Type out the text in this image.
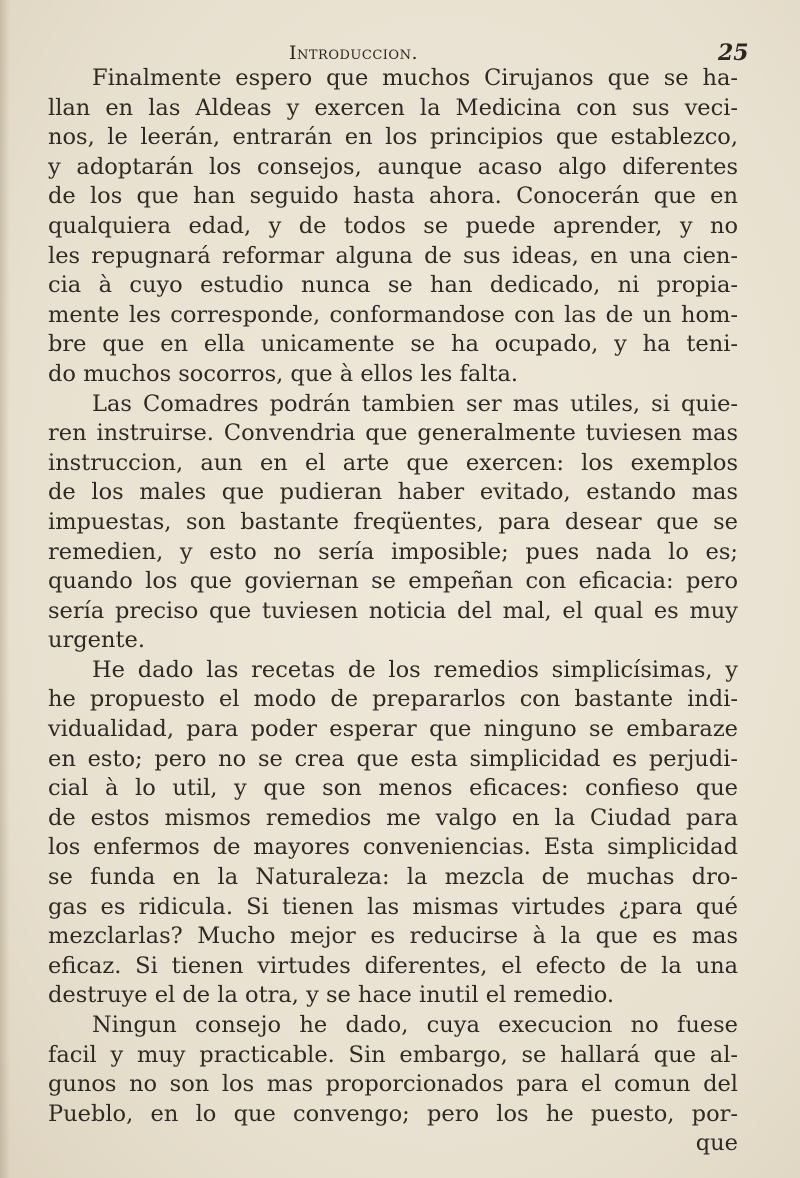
Introduccion.	25
Finalmente espero que muchos Cirujanos que se ha-
llan en las Aldeas y exercen la Medicina con sus veci-
nos, le leerán, entrarán en los principios que establezco,
y adoptarán los consejos, aunque acaso algo diferentes
de los que han seguido hasta ahora. Conocerán que en
qualquiera edad, y de todos se puede aprender, y no
les repugnará reformar alguna de sus ideas, en una cien-
cia à cuyo estudio nunca se han dedicado, ni propia-
mente les corresponde, conformandose con las de un hom-
bre que en ella unicamente se ha ocupado, y ha teni-
do muchos socorros, que à ellos les falta.
Las Comadres podrán tambien ser mas utiles, si quie-
ren instruirse. Convendria que generalmente tuviesen mas
instruccion, aun en el arte que exercen: los exemplos
de los males que pudieran haber evitado, estando mas
impuestas, son bastante freqüentes, para desear que se
remedien, y esto no sería imposible; pues nada lo es;
quando los que goviernan se empeñan con eficacia: pero
sería preciso que tuviesen noticia del mal, el qual es muy
urgente.
He dado las recetas de los remedios simplicísimas, y
he propuesto el modo de prepararlos con bastante indi-
vidualidad, para poder esperar que ninguno se embaraze
en esto; pero no se crea que esta simplicidad es perjudi-
cial à lo util, y que son menos eficaces: confieso que
de estos mismos remedios me valgo en la Ciudad para
los enfermos de mayores conveniencias. Esta simplicidad
se funda en la Naturaleza: la mezcla de muchas dro-
gas es ridicula. Si tienen las mismas virtudes ¿para qué
mezclarlas? Mucho mejor es reducirse à la que es mas
eficaz. Si tienen virtudes diferentes, el efecto de la una
destruye el de la otra, y se hace inutil el remedio.
Ningun consejo he dado, cuya execucion no fuese
facil y muy practicable. Sin embargo, se hallará que al-
gunos no son los mas proporcionados para el comun del
Pueblo, en lo que convengo; pero los he puesto, por-
que
